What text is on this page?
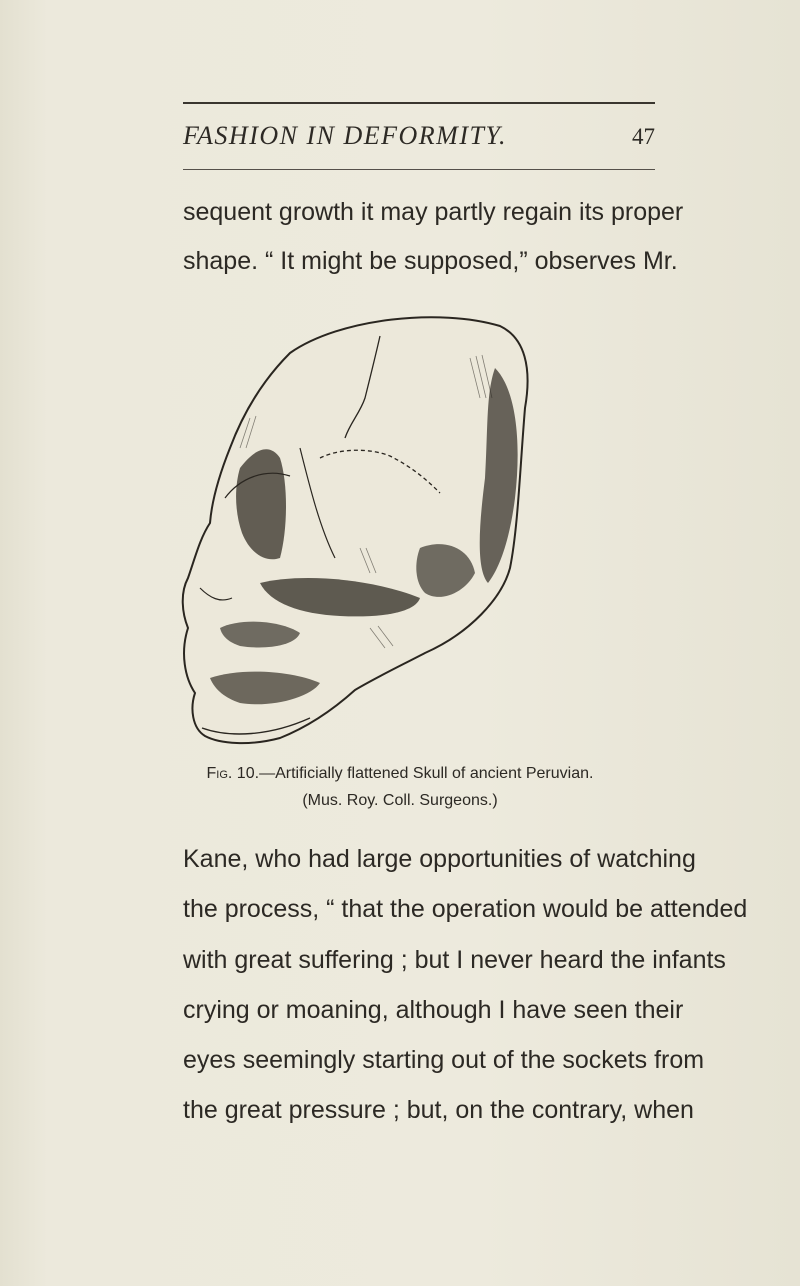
FASHION IN DEFORMITY.	47
sequent growth it may partly regain its proper
shape. “ It might be supposed,” observes Mr.
Fig. 10.—Artificially flattened Skull of ancient Peruvian.
(Mus. Roy. Coll. Surgeons.)
Kane, who had large opportunities of watching
the process, “ that the operation would be attended
with great suffering ; but I never heard the infants
crying or moaning, although I have seen their
eyes seemingly starting out of the sockets from
the great pressure ; but, on the contrary, when
